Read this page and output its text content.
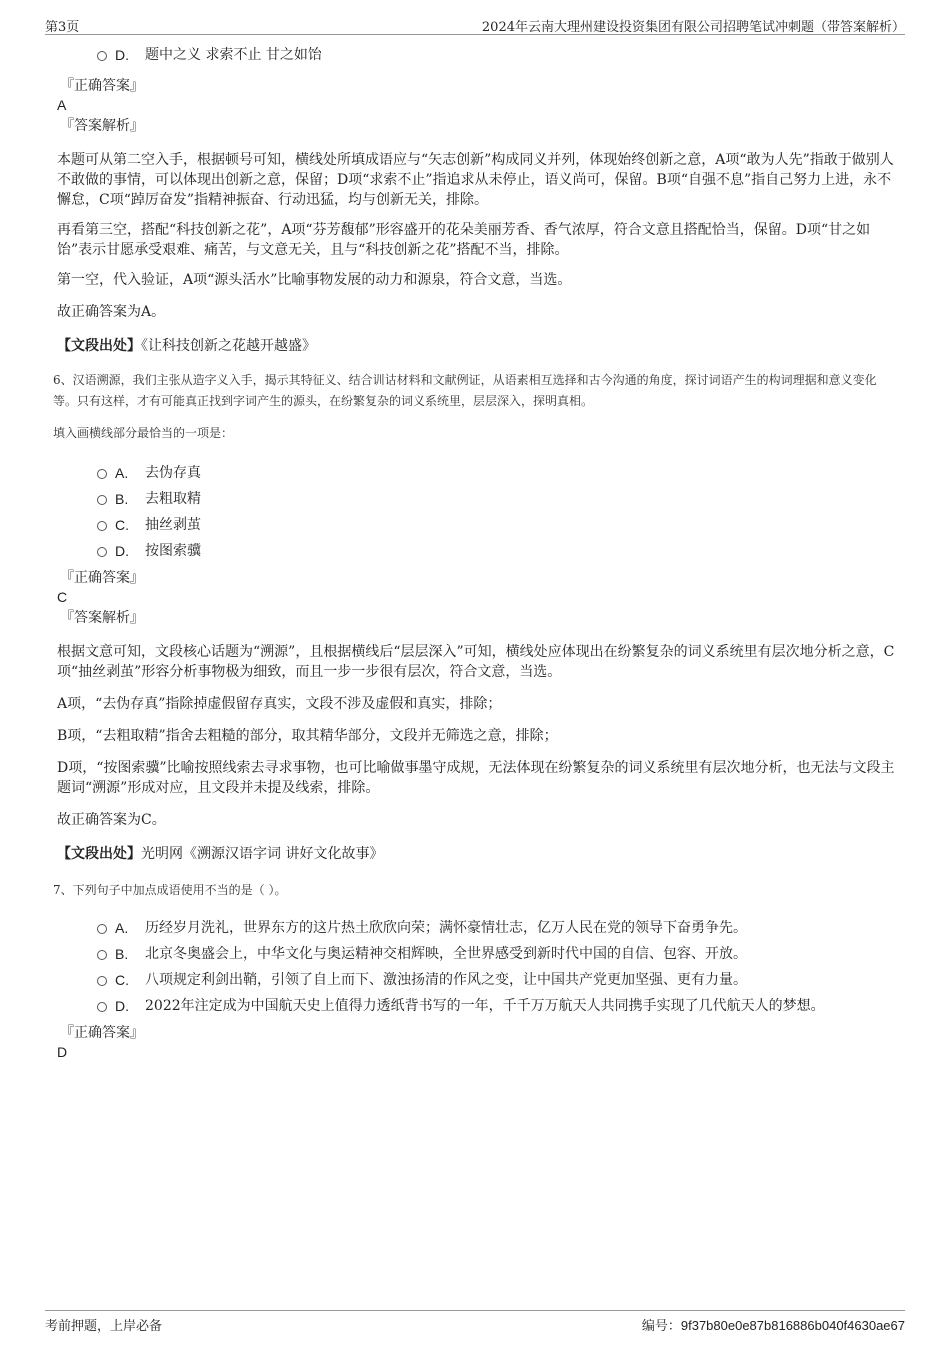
第3页	2024年云南大理州建设投资集团有限公司招聘笔试冲刺题（带答案解析）
D. 题中之义 求索不止 甘之如饴
『正确答案』
A
『答案解析』

本题可从第二空入手，根据顿号可知，横线处所填成语应与“矢志创新”构成同义并列，体现始终创新之意，A项“敢为人先”指敢于做别人不敢做的事情，可以体现出创新之意，保留；D项“求索不止”指追求从未停止，语义尚可，保留。B项“自强不息”指自己努力上进，永不懈怠，C项“踔厉奋发”指精神振奋、行动迅猛，均与创新无关，排除。

再看第三空，搭配“科技创新之花”，A项“芬芳馥郁”形容盛开的花朵美丽芳香、香气浓厚，符合文意且搭配恰当，保留。D项“甘之如饴”表示甘愿承受艰难、痛苦，与文意无关，且与“科技创新之花”搭配不当，排除。

第一空，代入验证，A项“源头活水”比喻事物发展的动力和源泉，符合文意，当选。

故正确答案为A。

【文段出处】《让科技创新之花越开越盛》
6、汉语溯源，我们主张从造字义入手，揭示其特征义、结合训诂材料和文献例证，从语素相互选择和古今沟通的角度，探讨词语产生的构词理据和意义变化等。只有这样，才有可能真正找到字词产生的源头，在纷繁复杂的词义系统里，层层深入，探明真相。
填入画横线部分最恰当的一项是：
A. 去伪存真
B. 去粗取精
C. 抽丝剥茧
D. 按图索骥
『正确答案』
C
『答案解析』

根据文意可知，文段核心话题为“溯源”，且根据横线后“层层深入”可知，横线处应体现出在纷繁复杂的词义系统里有层次地分析之意，C项“抽丝剥茧”形容分析事物极为细致，而且一步一步很有层次，符合文意，当选。

A项，“去伪存真”指除掉虚假留存真实，文段不涉及虚假和真实，排除；

B项，“去粗取精”指舍去粗糙的部分，取其精华部分，文段并无筛选之意，排除；

D项，“按图索骥”比喻按照线索去寻求事物，也可比喻做事墨守成规，无法体现在纷繁复杂的词义系统里有层次地分析，也无法与文段主题词“溯源”形成对应，且文段并未提及线索，排除。

故正确答案为C。

【文段出处】光明网《溯源汉语字词 讲好文化故事》
7、下列句子中加点成语使用不当的是（ ）。
A. 历经岁月洗礼，世界东方的这片热土欣欣向荣；满怀豪情壮志，亿万人民在党的领导下奋勇争先。
B. 北京冬奥盛会上，中华文化与奥运精神交相辉映，全世界感受到新时代中国的自信、包容、开放。
C. 八项规定利剑出鞘，引领了自上而下、激浊扬清的作风之变，让中国共产党更加坚强、更有力量。
D. 2022年注定成为中国航天史上值得力透纸背书写的一年，千千万万航天人共同携手实现了几代航天人的梦想。
『正确答案』
D
考前押题，上岸必备	编号：9f37b80e0e87b816886b040f4630ae67
